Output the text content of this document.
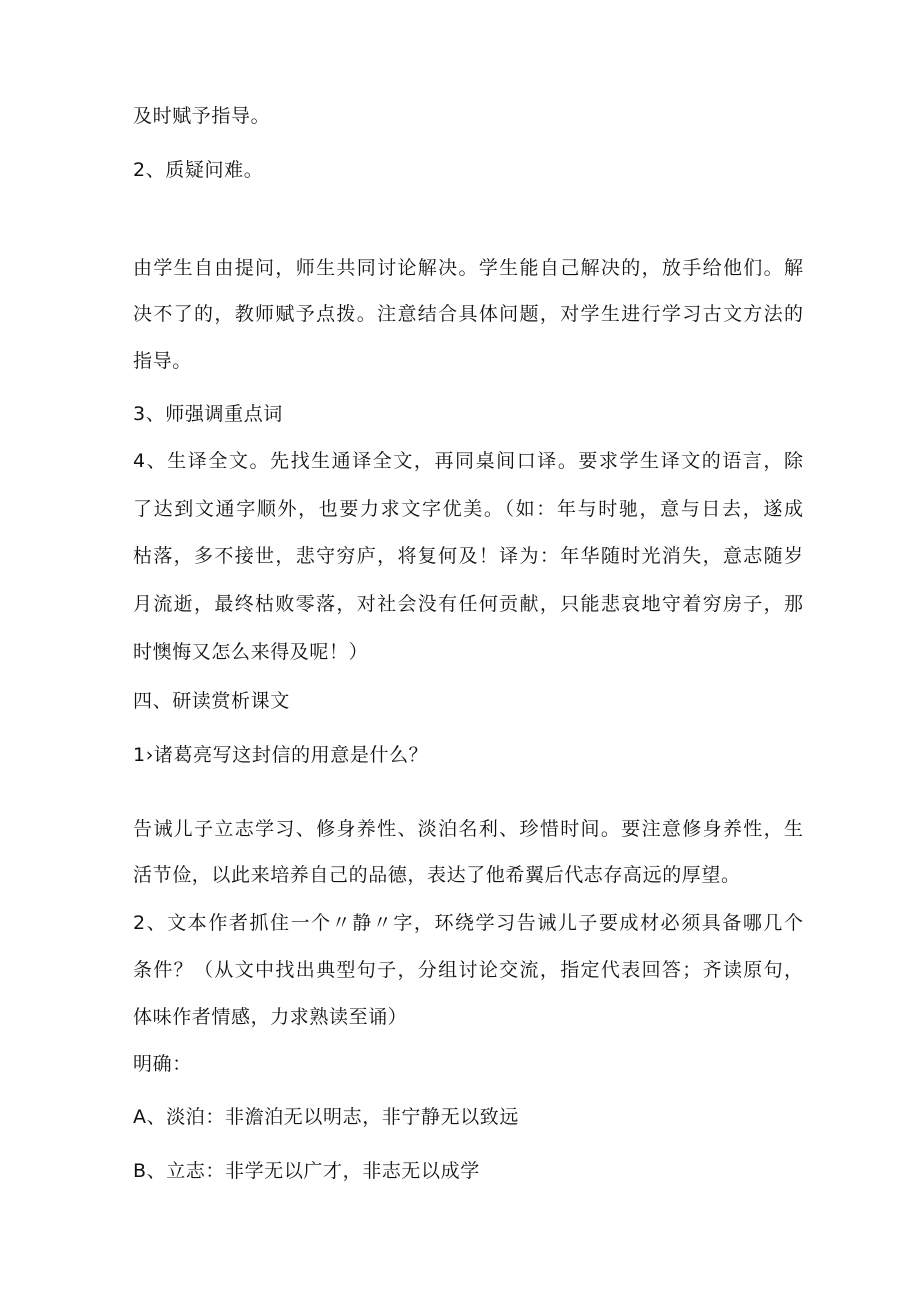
及时赋予指导。

2、质疑问难。

由学生自由提问，师生共同讨论解决。学生能自己解决的，放手给他们。解

决不了的，教师赋予点拨。注意结合具体问题，对学生进行学习古文方法的

指导。

3、师强调重点词

4、生译全文。先找生通译全文，再同桌间口译。要求学生译文的语言，除

了达到文通字顺外，也要力求文字优美。（如：年与时驰，意与日去，遂成

枯落，多不接世，悲守穷庐，将复何及！译为：年华随时光消失，意志随岁

月流逝，最终枯败零落，对社会没有任何贡献，只能悲哀地守着穷房子，那

时懊悔又怎么来得及呢！）

四、研读赏析课文

1›诸葛亮写这封信的用意是什么？

告诫儿子立志学习、修身养性、淡泊名利、珍惜时间。要注意修身养性，生

活节俭，以此来培养自己的品德，表达了他希翼后代志存高远的厚望。

2、文本作者抓住一个〃静〃字，环绕学习告诫儿子要成材必须具备哪几个

条件？（从文中找出典型句子，分组讨论交流，指定代表回答；齐读原句，

体味作者情感，力求熟读至诵）

明确：

A、淡泊：非澹泊无以明志，非宁静无以致远

B、立志：非学无以广才，非志无以成学
